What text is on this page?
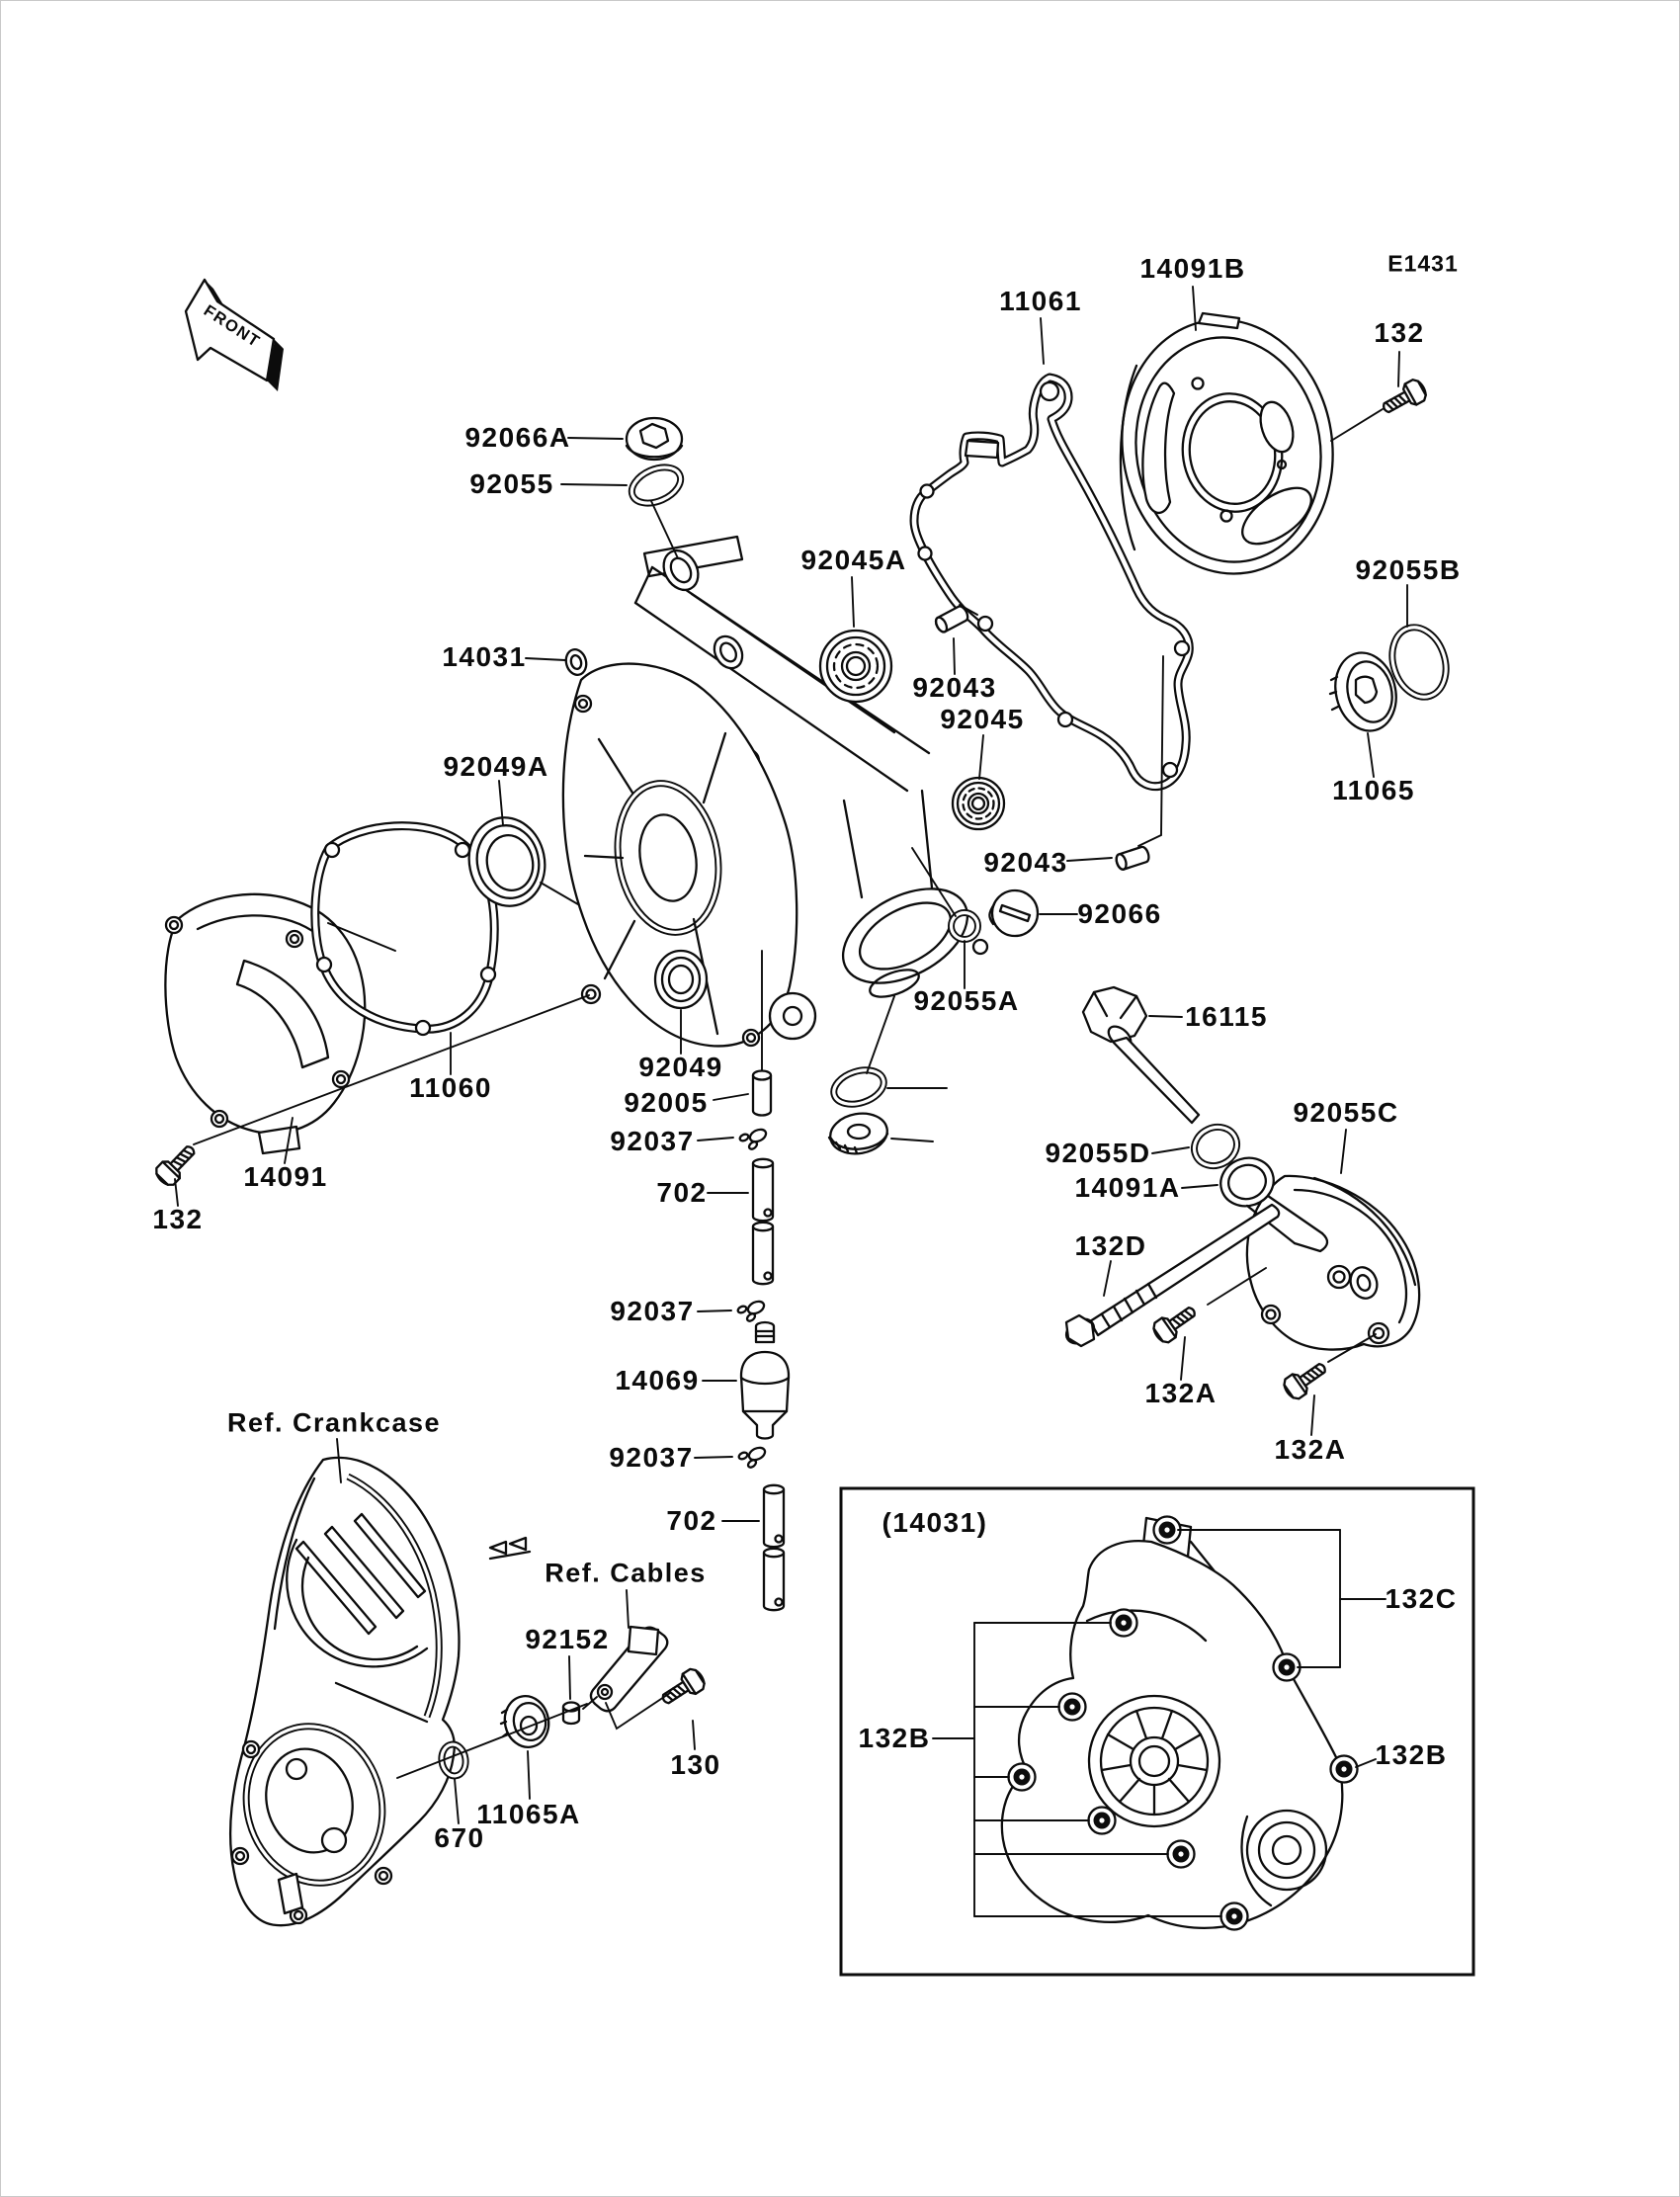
FRONT
E1431
11061
14091B
132
92066A
92055
92045A
14031
92043
92045
92049A
92055B
11065
92043
92066
92055A
11060
14091
132
92049
92005
92037
702
92037
14069
92037
702
16115
92055D
14091A
92055C
132D
132A
132A
Ref. Crankcase
Ref. Cables
92152
130
670
11065A
(14031)
132C
132B
132B
